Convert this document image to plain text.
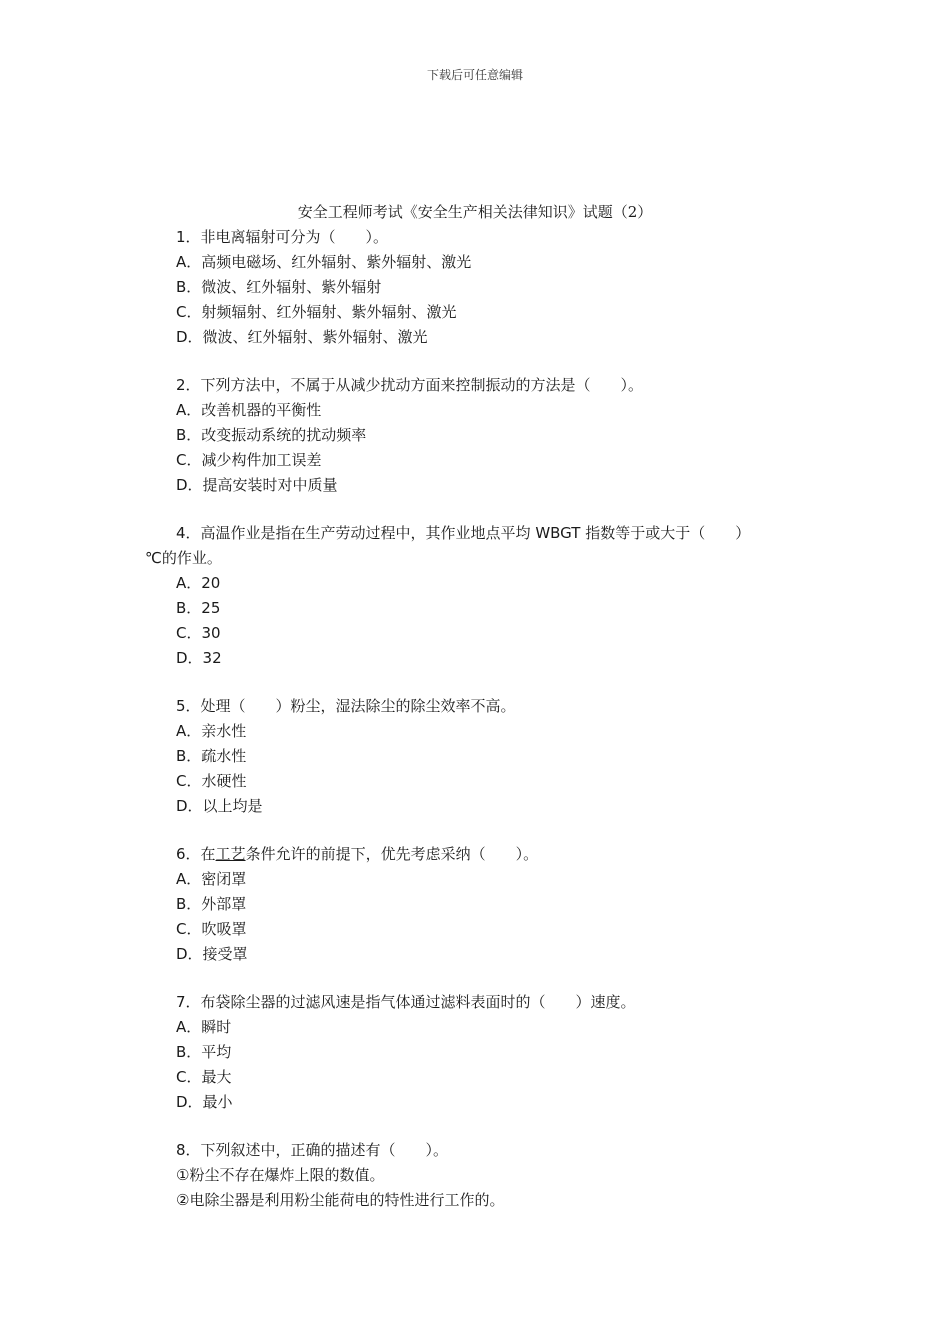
下载后可任意编辑
安全工程师考试《安全生产相关法律知识》试题（2）
1．非电离辐射可分为（　　）。
A．高频电磁场、红外辐射、紫外辐射、激光
B．微波、红外辐射、紫外辐射
C．射频辐射、红外辐射、紫外辐射、激光
D．微波、红外辐射、紫外辐射、激光
2．下列方法中，不属于从减少扰动方面来控制振动的方法是（　　）。
A．改善机器的平衡性
B．改变振动系统的扰动频率
C．减少构件加工误差
D．提高安装时对中质量
4．高温作业是指在生产劳动过程中，其作业地点平均 WBGT 指数等于或大于（　　）
℃的作业。
A．20
B．25
C．30
D．32
5．处理（　　）粉尘，湿法除尘的除尘效率不高。
A．亲水性
B．疏水性
C．水硬性
D．以上均是
6．在工艺条件允许的前提下，优先考虑采纳（　　）。
A．密闭罩
B．外部罩
C．吹吸罩
D．接受罩
7．布袋除尘器的过滤风速是指气体通过滤料表面时的（　　）速度。
A．瞬时
B．平均
C．最大
D．最小
8．下列叙述中，正确的描述有（　　）。
①粉尘不存在爆炸上限的数值。
②电除尘器是利用粉尘能荷电的特性进行工作的。
